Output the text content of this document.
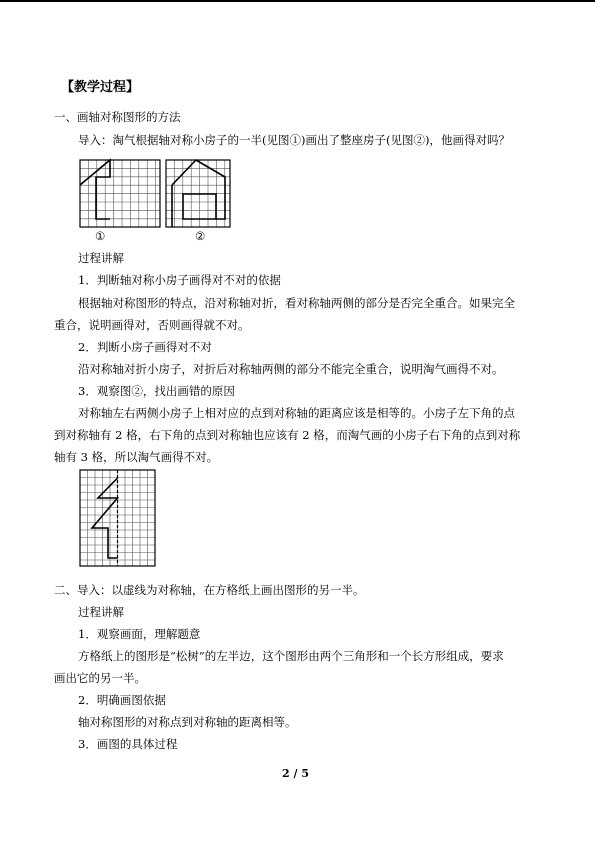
【教学过程】
一、画轴对称图形的方法
导入：淘气根据轴对称小房子的一半(见图①)画出了整座房子(见图②)，他画得对吗？
①	②
过程讲解
1．判断轴对称小房子画得对不对的依据
根据轴对称图形的特点，沿对称轴对折，看对称轴两侧的部分是否完全重合。如果完全
重合，说明画得对，否则画得就不对。
2．判断小房子画得对不对
沿对称轴对折小房子，对折后对称轴两侧的部分不能完全重合，说明淘气画得不对。
3．观察图②，找出画错的原因
对称轴左右两侧小房子上相对应的点到对称轴的距离应该是相等的。小房子左下角的点
到对称轴有 2 格，右下角的点到对称轴也应该有 2 格，而淘气画的小房子右下角的点到对称
轴有 3 格，所以淘气画得不对。
二、导入：以虚线为对称轴，在方格纸上画出图形的另一半。
过程讲解
1．观察画面，理解题意
方格纸上的图形是“松树”的左半边，这个图形由两个三角形和一个长方形组成，要求
画出它的另一半。
2．明确画图依据
轴对称图形的对称点到对称轴的距离相等。
3．画图的具体过程
2 / 5
